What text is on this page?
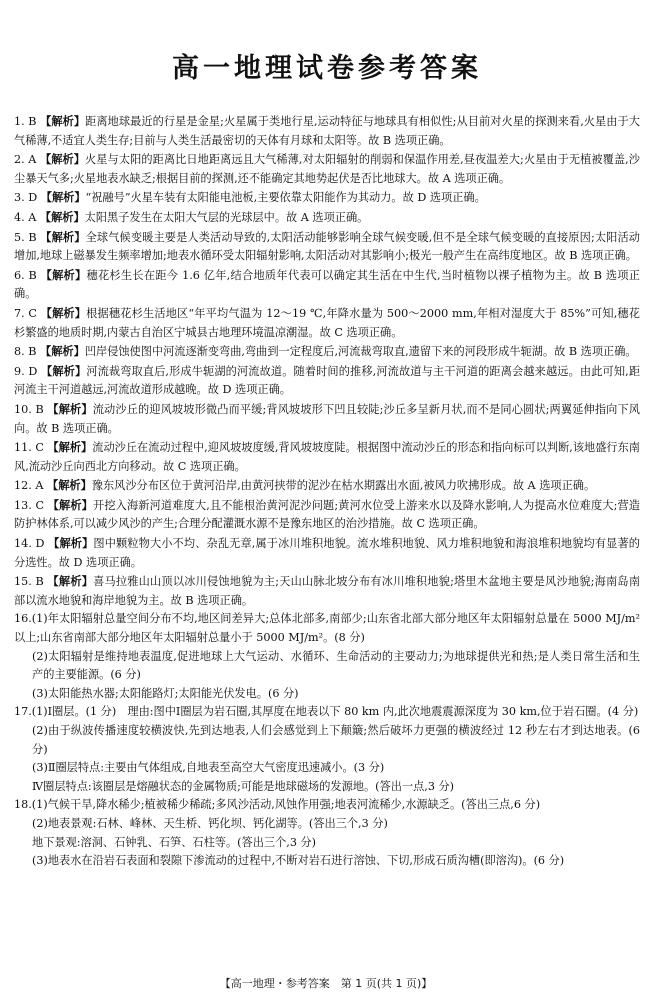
高一地理试卷参考答案

1. B 【解析】距离地球最近的行星是金星;火星属于类地行星,运动特征与地球具有相似性;从目前对火星的探测来看,火星由于大气稀薄,不适宜人类生存;目前与人类生活最密切的天体有月球和太阳等。故 B 选项正确。

2. A 【解析】火星与太阳的距离比日地距离远且大气稀薄,对太阳辐射的削弱和保温作用差,昼夜温差大;火星由于无植被覆盖,沙尘暴天气多;火星地表水缺乏;根据目前的探测,还不能确定其地势起伏是否比地球大。故 A 选项正确。

3. D 【解析】“祝融号”火星车装有太阳能电池板,主要依靠太阳能作为其动力。故 D 选项正确。

4. A 【解析】太阳黑子发生在太阳大气层的光球层中。故 A 选项正确。

5. B 【解析】全球气候变暖主要是人类活动导致的,太阳活动能够影响全球气候变暖,但不是全球气候变暖的直接原因;太阳活动增加,地球上磁暴发生频率增加;地表水循环受太阳辐射影响,太阳活动对其影响小;极光一般产生在高纬度地区。故 B 选项正确。

6. B 【解析】穗花杉生长在距今 1.6 亿年,结合地质年代表可以确定其生活在中生代,当时植物以裸子植物为主。故 B 选项正确。

7. C 【解析】根据穗花杉生活地区“年平均气温为 12～19 ℃,年降水量为 500～2000 mm,年相对湿度大于 85%”可知,穗花杉繁盛的地质时期,内蒙古自治区宁城县古地理环境温凉潮湿。故 C 选项正确。

8. B 【解析】凹岸侵蚀使图中河流逐渐变弯曲,弯曲到一定程度后,河流裁弯取直,遗留下来的河段形成牛轭湖。故 B 选项正确。

9. D 【解析】河流裁弯取直后,形成牛轭湖的河流故道。随着时间的推移,河流故道与主干河道的距离会越来越远。由此可知,距河流主干河道越远,河流故道形成越晚。故 D 选项正确。

10. B 【解析】流动沙丘的迎风坡坡形微凸而平缓;背风坡坡形下凹且较陡;沙丘多呈新月状,而不是同心圆状;两翼延伸指向下风向。故 B 选项正确。

11. C 【解析】流动沙丘在流动过程中,迎风坡坡度缓,背风坡坡度陡。根据图中流动沙丘的形态和指向标可以判断,该地盛行东南风,流动沙丘向西北方向移动。故 C 选项正确。

12. A 【解析】豫东风沙分布区位于黄河沿岸,由黄河挟带的泥沙在枯水期露出水面,被风力吹拂形成。故 A 选项正确。

13. C 【解析】开挖入海新河道难度大,且不能根治黄河泥沙问题;黄河水位受上游来水以及降水影响,人为提高水位难度大;营造防护林体系,可以减少风沙的产生;合理分配灌溉水源不是豫东地区的治沙措施。故 C 选项正确。

14. D 【解析】图中颗粒物大小不均、杂乱无章,属于冰川堆积地貌。流水堆积地貌、风力堆积地貌和海浪堆积地貌均有显著的分选性。故 D 选项正确。

15. B 【解析】喜马拉雅山山顶以冰川侵蚀地貌为主;天山山脉北坡分布有冰川堆积地貌;塔里木盆地主要是风沙地貌;海南岛南部以流水地貌和海岸地貌为主。故 B 选项正确。

16.(1)年太阳辐射总量空间分布不均,地区间差异大;总体北部多,南部少;山东省北部大部分地区年太阳辐射总量在 5000 MJ/m² 以上;山东省南部大部分地区年太阳辐射总量小于 5000 MJ/m²。(8 分)

(2)太阳辐射是维持地表温度,促进地球上大气运动、水循环、生命活动的主要动力;为地球提供光和热;是人类日常生活和生产的主要能源。(6 分)

(3)太阳能热水器;太阳能路灯;太阳能光伏发电。(6 分)

17.(1)Ⅰ圈层。(1 分)　理由:图中Ⅰ圈层为岩石圈,其厚度在地表以下 80 km 内,此次地震震源深度为 30 km,位于岩石圈。(4 分)

(2)由于纵波传播速度较横波快,先到达地表,人们会感觉到上下颠簸;然后破坏力更强的横波经过 12 秒左右才到达地表。(6 分)

(3)Ⅱ圈层特点:主要由气体组成,自地表至高空大气密度迅速减小。(3 分)

Ⅳ圈层特点:该圈层是熔融状态的金属物质;可能是地球磁场的发源地。(答出一点,3 分)

18.(1)气候干旱,降水稀少;植被稀少稀疏;多风沙活动,风蚀作用强;地表河流稀少,水源缺乏。(答出三点,6 分)

(2)地表景观:石林、峰林、天生桥、钙化坝、钙化湖等。(答出三个,3 分)

地下景观:溶洞、石钟乳、石笋、石柱等。(答出三个,3 分)

(3)地表水在沿岩石表面和裂隙下渗流动的过程中,不断对岩石进行溶蚀、下切,形成石质沟槽(即溶沟)。(6 分)

【高一地理・参考答案　第 1 页(共 1 页)】
